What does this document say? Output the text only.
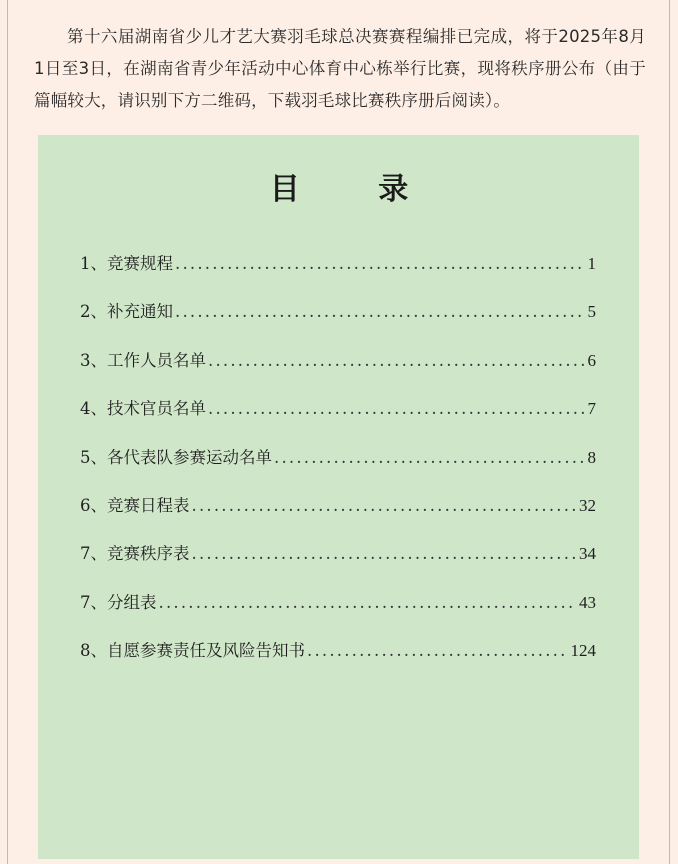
第十六届湖南省少儿才艺大赛羽毛球总决赛赛程编排已完成，将于2025年8月1日至3日，在湖南省青少年活动中心体育中心栋举行比赛，现将秩序册公布（由于篇幅较大，请识别下方二维码，下载羽毛球比赛秩序册后阅读）。

目 录
1、 竞赛规程 .....	1
2、 补充通知 .....	5
3、 工作人员名单 .....	6
4、 技术官员名单 .....	7
5、 各代表队参赛运动名单 .....	8
6、 竞赛日程表 .....	32
7、 竞赛秩序表 .....	34
7、 分组表 .....	43
8、 自愿参赛责任及风险告知书 .....	124
